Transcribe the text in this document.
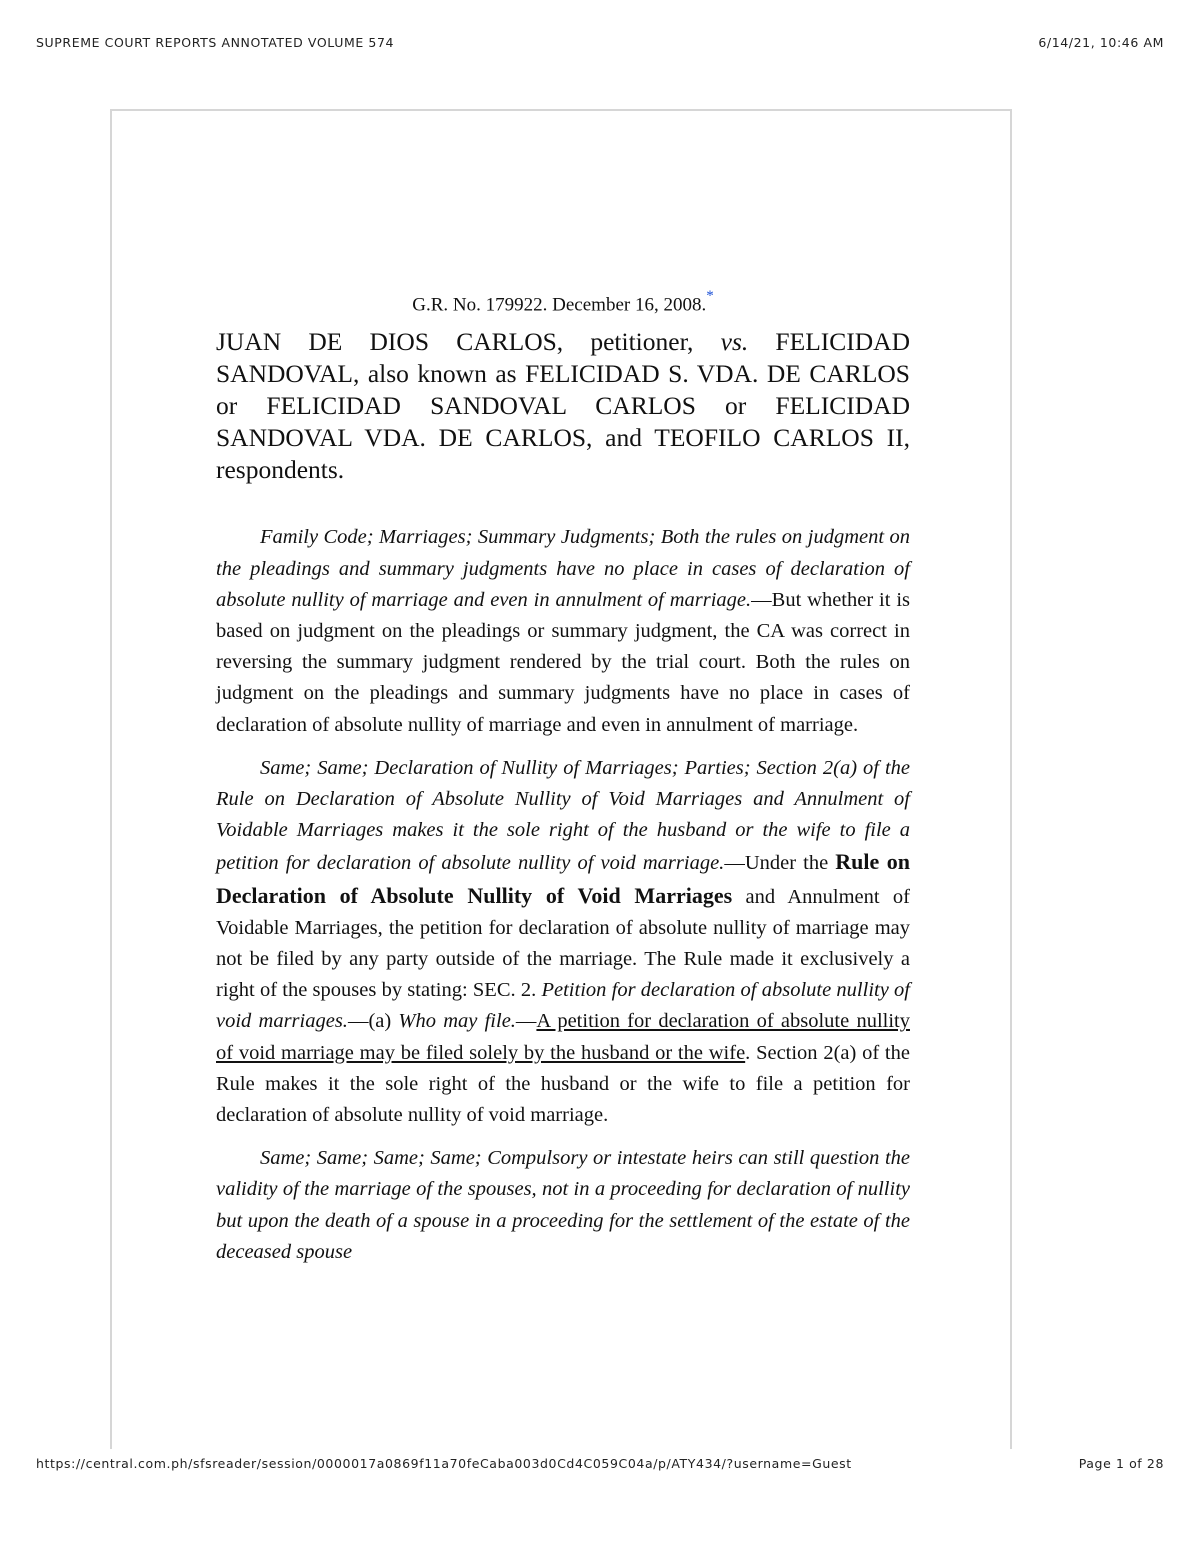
SUPREME COURT REPORTS ANNOTATED VOLUME 574	6/14/21, 10:46 AM

G.R. No. 179922. December 16, 2008.*

JUAN DE DIOS CARLOS, petitioner, vs. FELICIDAD SANDOVAL, also known as FELICIDAD S. VDA. DE CARLOS or FELICIDAD SANDOVAL CARLOS or FELICIDAD SANDOVAL VDA. DE CARLOS, and TEOFILO CARLOS II, respondents.

Family Code; Marriages; Summary Judgments; Both the rules on judgment on the pleadings and summary judgments have no place in cases of declaration of absolute nullity of marriage and even in annulment of marriage.—But whether it is based on judgment on the pleadings or summary judgment, the CA was correct in reversing the summary judgment rendered by the trial court. Both the rules on judgment on the pleadings and summary judgments have no place in cases of declaration of absolute nullity of marriage and even in annulment of marriage.

Same; Same; Declaration of Nullity of Marriages; Parties; Section 2(a) of the Rule on Declaration of Absolute Nullity of Void Marriages and Annulment of Voidable Marriages makes it the sole right of the husband or the wife to file a petition for declaration of absolute nullity of void marriage.—Under the Rule on Declaration of Absolute Nullity of Void Marriages and Annulment of Voidable Marriages, the petition for declaration of absolute nullity of marriage may not be filed by any party outside of the marriage. The Rule made it exclusively a right of the spouses by stating: SEC. 2. Petition for declaration of absolute nullity of void marriages.—(a) Who may file.—A petition for declaration of absolute nullity of void marriage may be filed solely by the husband or the wife. Section 2(a) of the Rule makes it the sole right of the husband or the wife to file a petition for declaration of absolute nullity of void marriage.

Same; Same; Same; Same; Compulsory or intestate heirs can still question the validity of the marriage of the spouses, not in a proceeding for declaration of nullity but upon the death of a spouse in a proceeding for the settlement of the estate of the deceased spouse

https://central.com.ph/sfsreader/session/0000017a0869f11a70feCaba003d0Cd4C059C04a/p/ATY434/?username=Guest	Page 1 of 28
